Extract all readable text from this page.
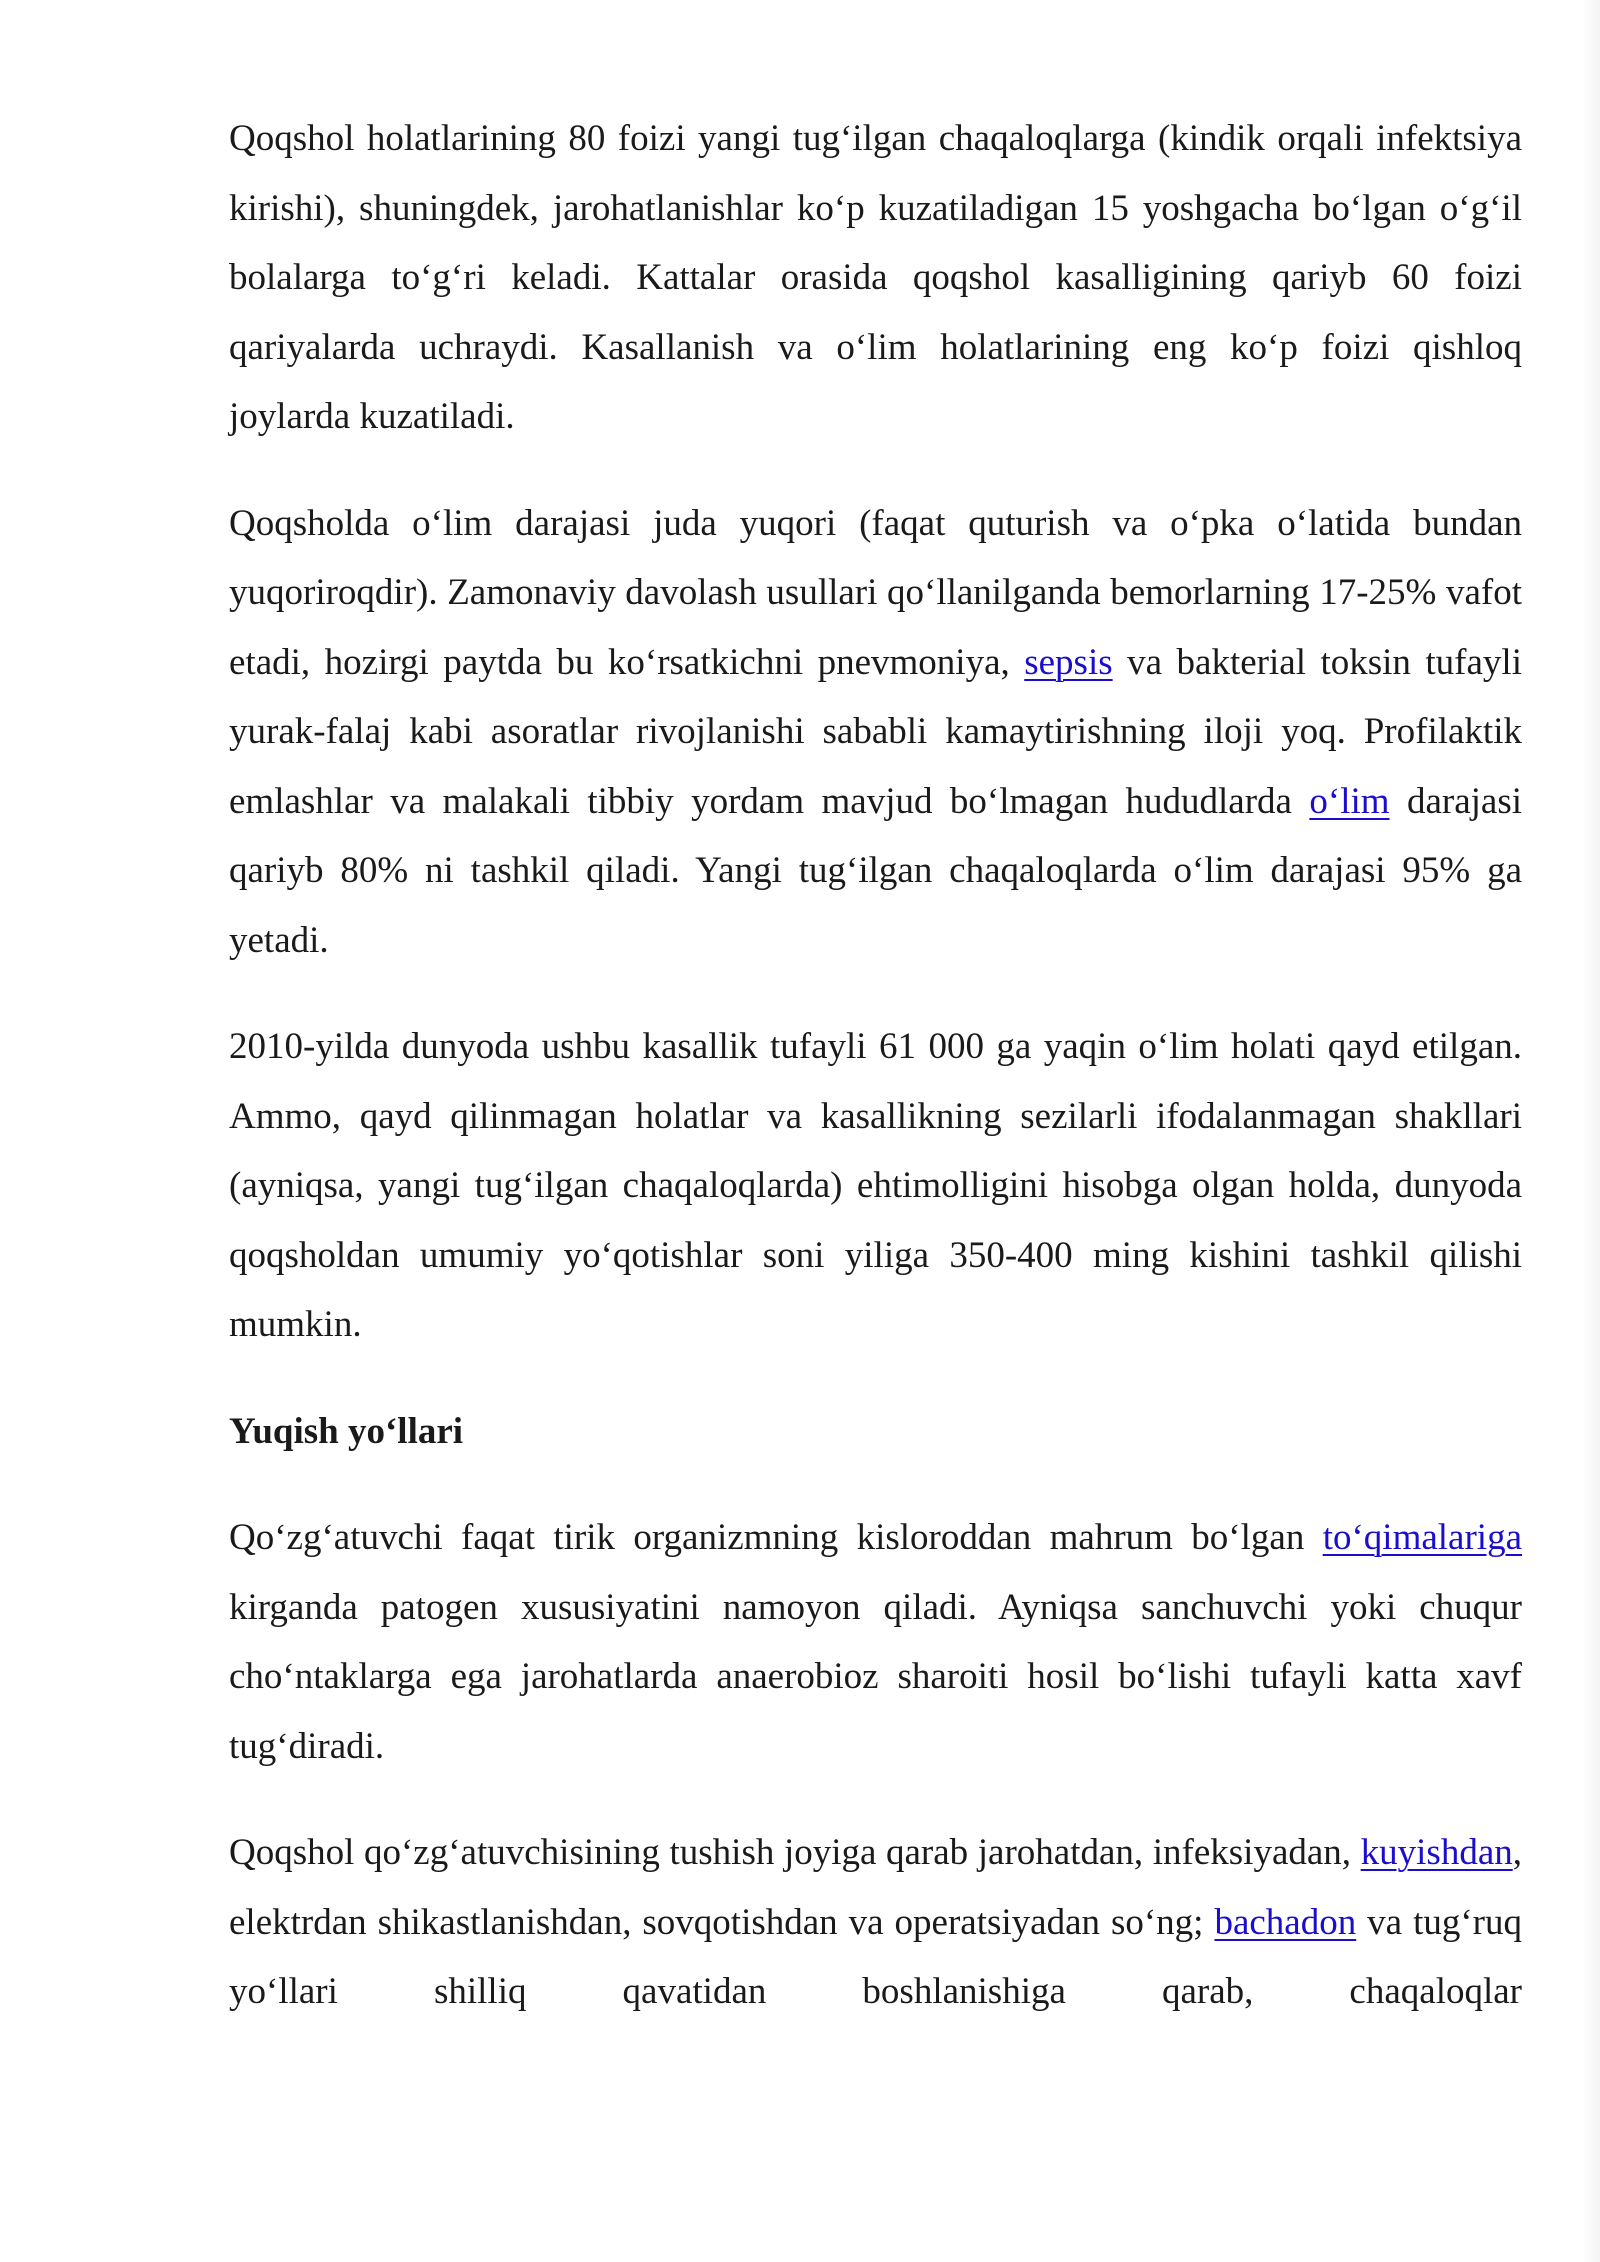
Qoqshol holatlarining 80 foizi yangi tug‘ilgan chaqaloqlarga (kindik orqali infektsiya kirishi), shuningdek, jarohatlanishlar ko‘p kuzatiladigan 15 yoshgacha bo‘lgan o‘g‘il bolalarga to‘g‘ri keladi. Kattalar orasida qoqshol kasalligining qariyb 60 foizi qariyalarda uchraydi. Kasallanish va o‘lim holatlarining eng ko‘p foizi qishloq joylarda kuzatiladi.

Qoqsholda o‘lim darajasi juda yuqori (faqat quturish va o‘pka o‘latida bundan yuqoriroqdir). Zamonaviy davolash usullari qo‘llanilganda bemorlarning 17-25% vafot etadi, hozirgi paytda bu ko‘rsatkichni pnevmoniya, sepsis va bakterial toksin tufayli yurak-falaj kabi asoratlar rivojlanishi sababli kamaytirishning iloji yoq. Profilaktik emlashlar va malakali tibbiy yordam mavjud bo‘lmagan hududlarda o‘lim darajasi qariyb 80% ni tashkil qiladi. Yangi tug‘ilgan chaqaloqlarda o‘lim darajasi 95% ga yetadi.

2010-yilda dunyoda ushbu kasallik tufayli 61 000 ga yaqin o‘lim holati qayd etilgan. Ammo, qayd qilinmagan holatlar va kasallikning sezilarli ifodalanmagan shakllari (ayniqsa, yangi tug‘ilgan chaqaloqlarda) ehtimolligini hisobga olgan holda, dunyoda qoqsholdan umumiy yo‘qotishlar soni yiliga 350-400 ming kishini tashkil qilishi mumkin.

Yuqish yo‘llari

Qo‘zg‘atuvchi faqat tirik organizmning kisloroddan mahrum bo‘lgan to‘qimalariga kirganda patogen xususiyatini namoyon qiladi. Ayniqsa sanchuvchi yoki chuqur cho‘ntaklarga ega jarohatlarda anaerobioz sharoiti hosil bo‘lishi tufayli katta xavf tug‘diradi.

Qoqshol qo‘zg‘atuvchisining tushish joyiga qarab jarohatdan, infeksiyadan, kuyishdan, elektrdan shikastlanishdan, sovqotishdan va operatsiyadan so‘ng; bachadon va tug‘ruq yo‘llari shilliq qavatidan boshlanishiga qarab, chaqaloqlar
